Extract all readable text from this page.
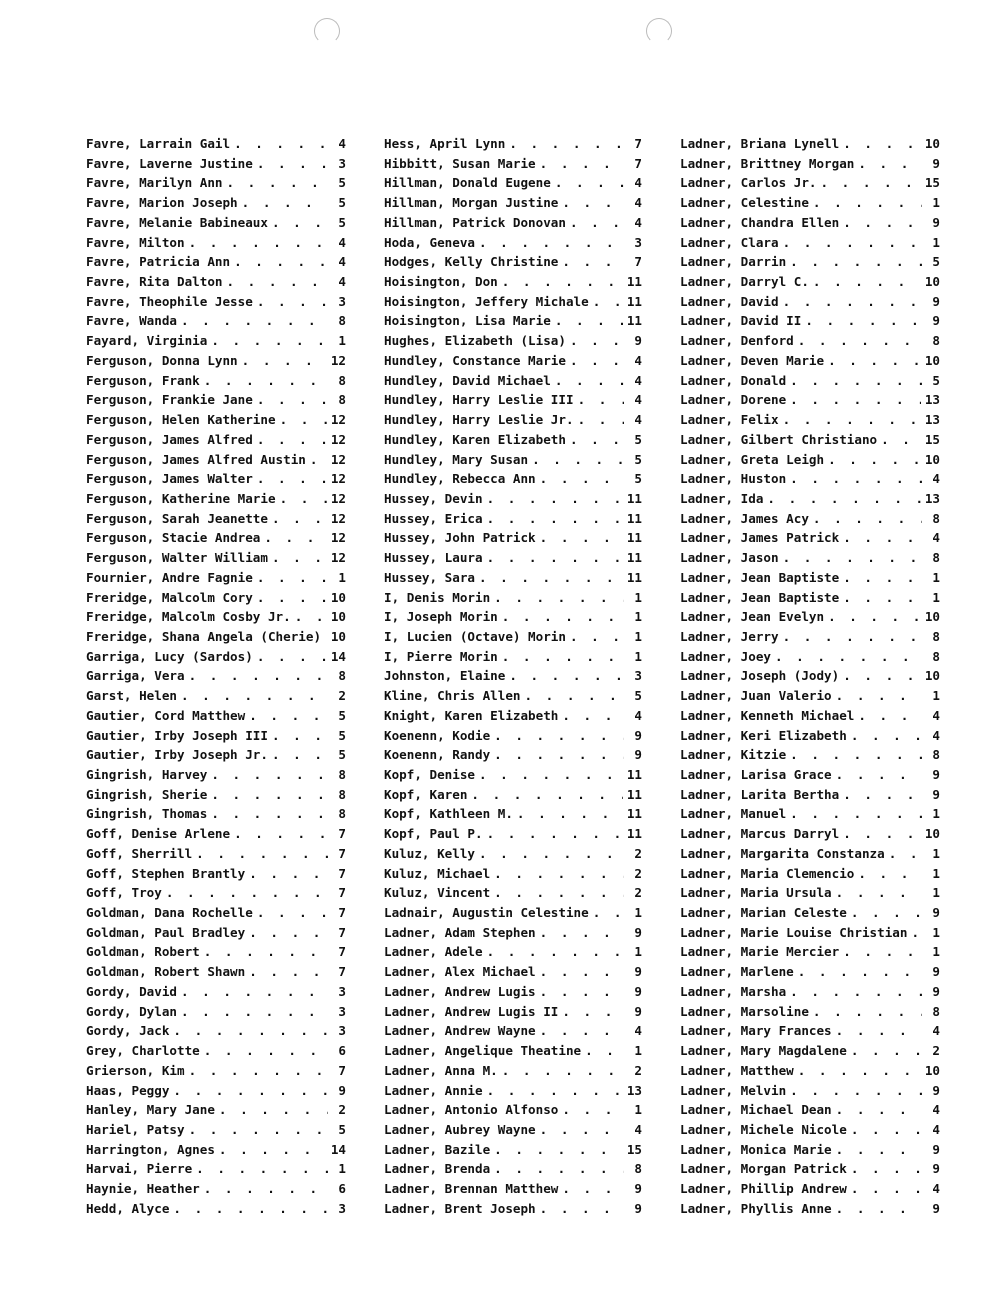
Favre, Larrain Gail . . .	4
Favre, Laverne Justine . . .	3
Favre, Marilyn Ann . . .	5
Favre, Marion Joseph . . .	5
Favre, Melanie Babineaux . . .	5
Favre, Milton . . .	4
Favre, Patricia Ann . . .	4
Favre, Rita Dalton . . .	4
Favre, Theophile Jesse . . .	3
Favre, Wanda . . .	8
Fayard, Virginia . . .	1
Ferguson, Donna Lynn . . .	12
Ferguson, Frank . . .	8
Ferguson, Frankie Jane . . .	8
Ferguson, Helen Katherine . . .	12
Ferguson, James Alfred . . .	12
Ferguson, James Alfred Austin . . . 12
Ferguson, James Walter . . .	12
Ferguson, Katherine Marie . . .	12
Ferguson, Sarah Jeanette . . .	12
Ferguson, Stacie Andrea . . .	12
Ferguson, Walter William . . .	12
Fournier, Andre Fagnie . . .	1
Freridge, Malcolm Cory . . .	10
Freridge, Malcolm Cosby Jr. . . .	10
Freridge, Shana Angela (Cherie) . . . 10
Garriga, Lucy (Sardos) . . .	14
Garriga, Vera . . .	8
Garst, Helen . . .	2
Gautier, Cord Matthew . . .	5
Gautier, Irby Joseph III . . .	5
Gautier, Irby Joseph Jr. . . .	5
Gingrish, Harvey . . .	8
Gingrish, Sherie . . .	8
Gingrish, Thomas . . .	8
Goff, Denise Arlene . . .	7
Goff, Sherrill . . .	7
Goff, Stephen Brantly . . .	7
Goff, Troy . . .	7
Goldman, Dana Rochelle . . .	7
Goldman, Paul Bradley . . .	7
Goldman, Robert . . .	7
Goldman, Robert Shawn . . .	7
Gordy, David . . .	3
Gordy, Dylan . . .	3
Gordy, Jack . . .	3
Grey, Charlotte . . .	6
Grierson, Kim . . .	7
Haas, Peggy . . .	9
Hanley, Mary Jane . . .	2
Hariel, Patsy . . .	5
Harrington, Agnes . . .	14
Harvai, Pierre . . .	1
Haynie, Heather . . .	6
Hedd, Alyce . . .	3
Hess, April Lynn . . .	7
Hibbitt, Susan Marie . . .	7
Hillman, Donald Eugene . . .	4
Hillman, Morgan Justine . . .	4
Hillman, Patrick Donovan . . .	4
Hoda, Geneva . . .	3
Hodges, Kelly Christine . . .	7
Hoisington, Don . . .	11
Hoisington, Jeffery Michale . . .	11
Hoisington, Lisa Marie . . .	11
Hughes, Elizabeth (Lisa) . . .	9
Hundley, Constance Marie . . .	4
Hundley, David Michael . . .	4
Hundley, Harry Leslie III . . .	4
Hundley, Harry Leslie Jr. . . .	4
Hundley, Karen Elizabeth . . .	5
Hundley, Mary Susan . . .	5
Hundley, Rebecca Ann . . .	5
Hussey, Devin . . .	11
Hussey, Erica . . .	11
Hussey, John Patrick . . .	11
Hussey, Laura . . .	11
Hussey, Sara . . .	11
I, Denis Morin . . .	1
I, Joseph Morin . . .	1
I, Lucien (Octave) Morin . . .	1
I, Pierre Morin . . .	1
Johnston, Elaine . . .	3
Kline, Chris Allen . . .	5
Knight, Karen Elizabeth . . .	4
Koenenn, Kodie . . .	9
Koenenn, Randy . . .	9
Kopf, Denise . . .	11
Kopf, Karen . . .	11
Kopf, Kathleen M. . . .	11
Kopf, Paul P. . . .	11
Kuluz, Kelly . . .	2
Kuluz, Michael . . .	2
Kuluz, Vincent . . .	2
Ladnair, Augustin Celestine . . .	1
Ladner, Adam Stephen . . .	9
Ladner, Adele . . .	1
Ladner, Alex Michael . . .	9
Ladner, Andrew Lugis . . .	9
Ladner, Andrew Lugis II . . .	9
Ladner, Andrew Wayne . . .	4
Ladner, Angelique Theatine . . .	1
Ladner, Anna M. . . .	2
Ladner, Annie . . .	13
Ladner, Antonio Alfonso . . .	1
Ladner, Aubrey Wayne . . .	4
Ladner, Bazile . . .	15
Ladner, Brenda . . .	8
Ladner, Brennan Matthew . . .	9
Ladner, Brent Joseph . . .	9
Ladner, Briana Lynell . . .	10
Ladner, Brittney Morgan . . .	9
Ladner, Carlos Jr. . . .	15
Ladner, Celestine . . .	1
Ladner, Chandra Ellen . . .	9
Ladner, Clara . . .	1
Ladner, Darrin . . .	5
Ladner, Darryl C. . . .	10
Ladner, David . . .	9
Ladner, David II . . .	9
Ladner, Denford . . .	8
Ladner, Deven Marie . . .	10
Ladner, Donald . . .	5
Ladner, Dorene . . .	13
Ladner, Felix . . .	13
Ladner, Gilbert Christiano . . .	15
Ladner, Greta Leigh . . .	10
Ladner, Huston . . .	4
Ladner, Ida . . .	13
Ladner, James Acy . . .	8
Ladner, James Patrick . . .	4
Ladner, Jason . . .	8
Ladner, Jean Baptiste . . .	1
Ladner, Jean Baptiste . . .	1
Ladner, Jean Evelyn . . .	10
Ladner, Jerry . . .	8
Ladner, Joey . . .	8
Ladner, Joseph (Jody) . . .	10
Ladner, Juan Valerio . . .	1
Ladner, Kenneth Michael . . .	4
Ladner, Keri Elizabeth . . .	4
Ladner, Kitzie . . .	8
Ladner, Larisa Grace . . .	9
Ladner, Larita Bertha . . .	9
Ladner, Manuel . . .	1
Ladner, Marcus Darryl . . .	10
Ladner, Margarita Constanza . . .	1
Ladner, Maria Clemencio . . .	1
Ladner, Maria Ursula . . .	1
Ladner, Marian Celeste . . .	9
Ladner, Marie Louise Christian . . .	1
Ladner, Marie Mercier . . .	1
Ladner, Marlene . . .	9
Ladner, Marsha . . .	9
Ladner, Marsoline . . .	8
Ladner, Mary Frances . . .	4
Ladner, Mary Magdalene . . .	2
Ladner, Matthew . . .	10
Ladner, Melvin . . .	9
Ladner, Michael Dean . . .	4
Ladner, Michele Nicole . . .	4
Ladner, Monica Marie . . .	9
Ladner, Morgan Patrick . . .	9
Ladner, Phillip Andrew . . .	4
Ladner, Phyllis Anne . . .	9
